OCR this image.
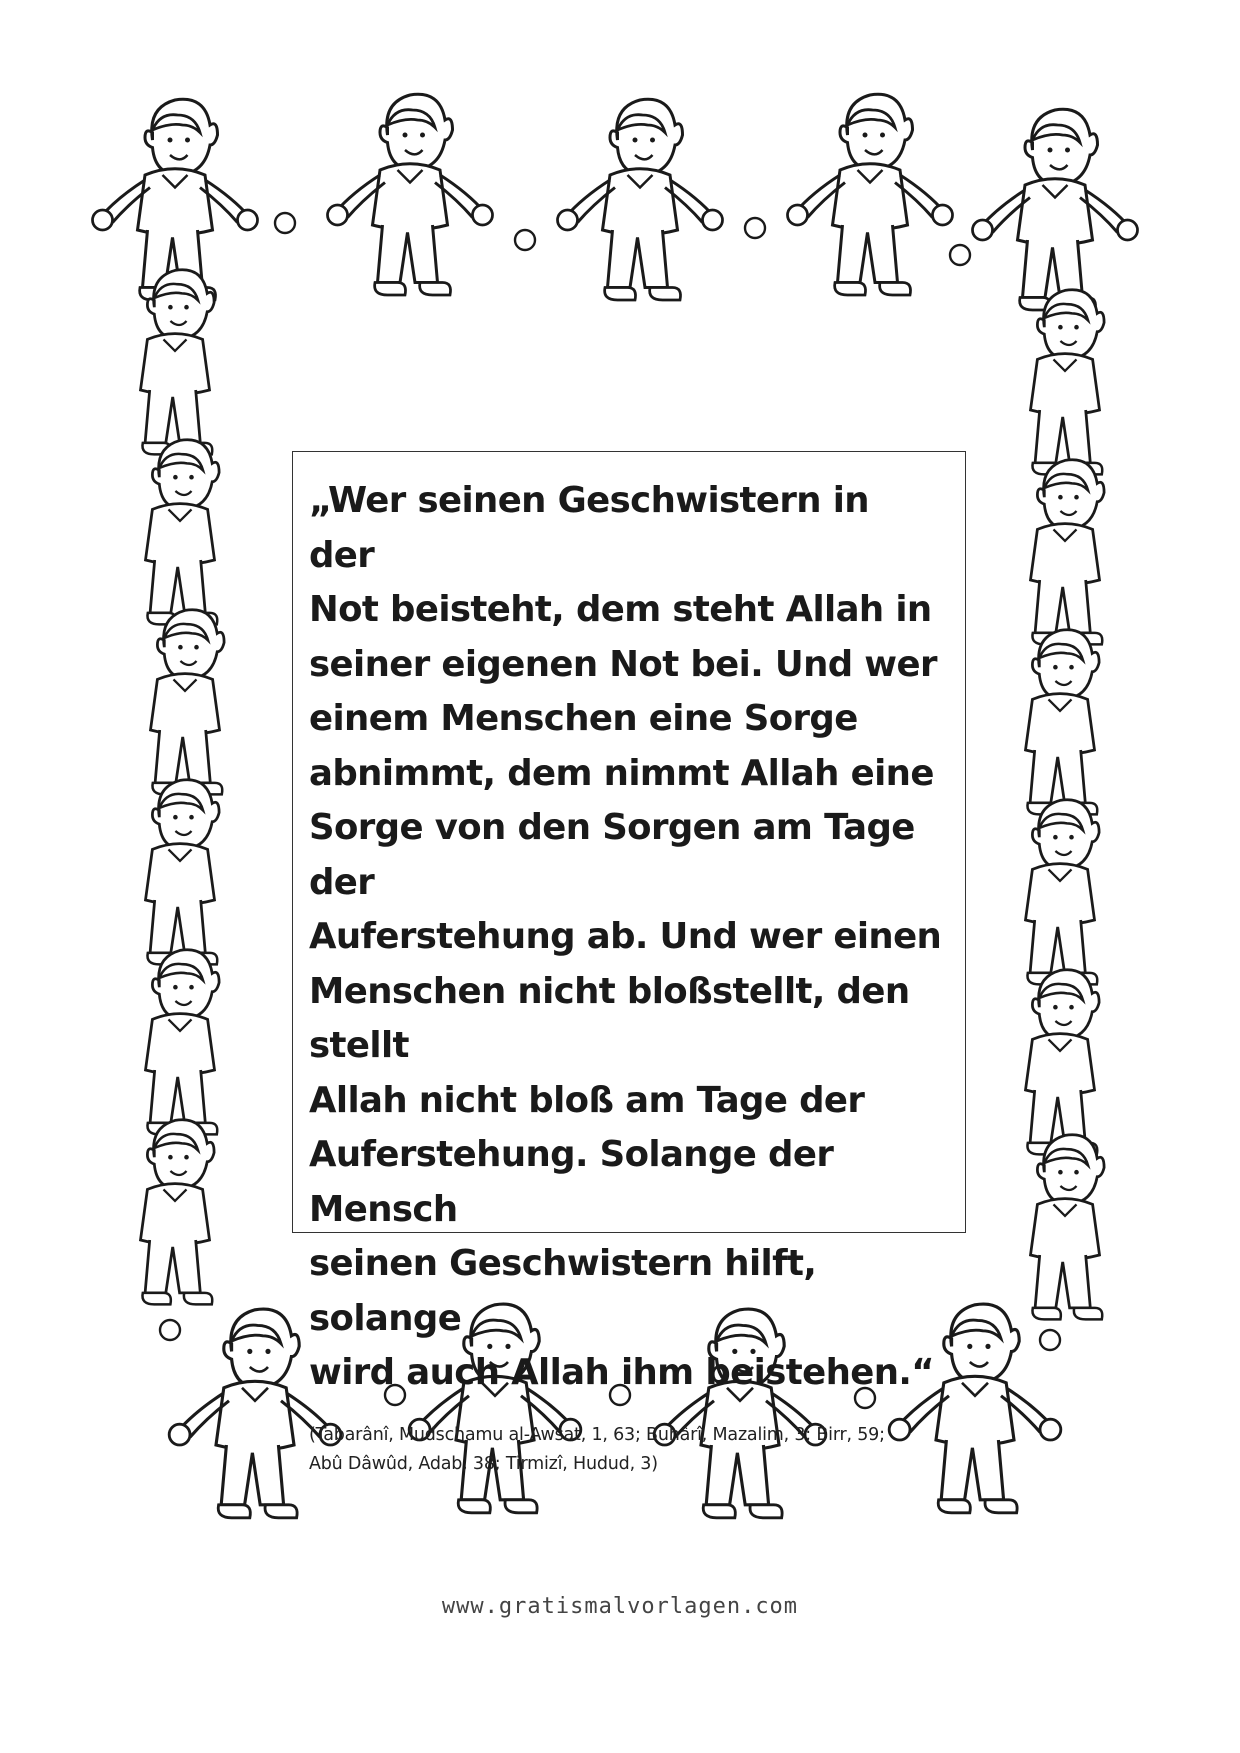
„Wer seinen Geschwistern in der
Not beisteht, dem steht Allah in
seiner eigenen Not bei. Und wer
einem Menschen eine Sorge
abnimmt, dem nimmt Allah eine
Sorge von den Sorgen am Tage der
Auferstehung ab. Und wer einen
Menschen nicht bloßstellt, den stellt
Allah nicht bloß am Tage der
Auferstehung. Solange der Mensch
seinen Geschwistern hilft, solange
wird auch Allah ihm beistehen.“

(Tabarânî, Mudschamu al-Awsat, 1, 63; Buhârî, Mazalim, 3; Birr, 59;
Abû Dâwûd, Adab, 38; Tirmizî, Hudud, 3)

www.gratismalvorlagen.com
